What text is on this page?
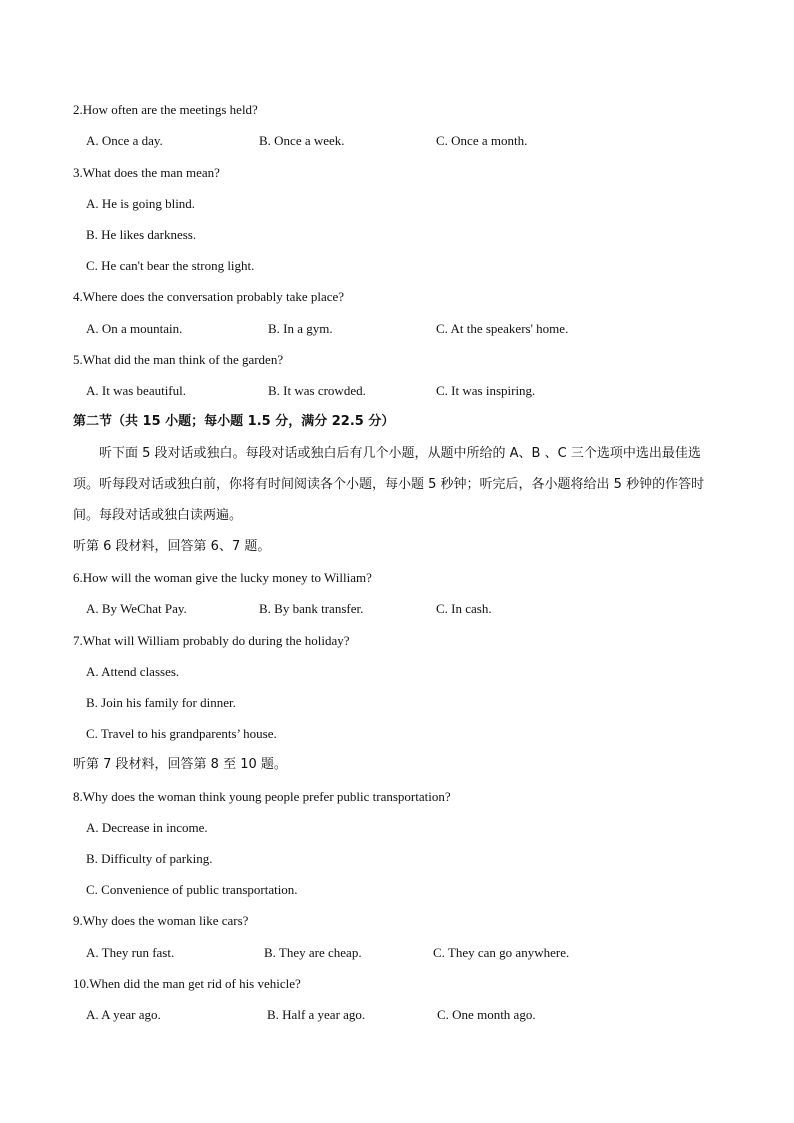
2.How often are the meetings held?
A. Once a day.	B. Once a week.	C. Once a month.
3.What does the man mean?
A. He is going blind.
B. He likes darkness.
C. He can't bear the strong light.
4.Where does the conversation probably take place?
A. On a mountain.	B. In a gym.	C. At the speakers' home.
5.What did the man think of the garden?
A. It was beautiful.	B. It was crowded.	C. It was inspiring.
第二节（共 15 小题；每小题 1.5 分，满分 22.5 分）
听下面 5 段对话或独白。每段对话或独白后有几个小题，从题中所给的 A、B 、C 三个选项中选出最佳选项。听每段对话或独白前，你将有时间阅读各个小题，每小题 5 秒钟；听完后，各小题将给出 5 秒钟的作答时间。每段对话或独白读两遍。
听第 6 段材料，回答第 6、7 题。
6.How will the woman give the lucky money to William?
A. By WeChat Pay.	B. By bank transfer.	C. In cash.
7.What will William probably do during the holiday?
A. Attend classes.
B. Join his family for dinner.
C. Travel to his grandparents’ house.
听第 7 段材料，回答第 8 至 10 题。
8.Why does the woman think young people prefer public transportation?
A. Decrease in income.
B. Difficulty of parking.
C. Convenience of public transportation.
9.Why does the woman like cars?
A. They run fast.	B. They are cheap.	C. They can go anywhere.
10.When did the man get rid of his vehicle?
A. A year ago.	B. Half a year ago.	C. One month ago.
